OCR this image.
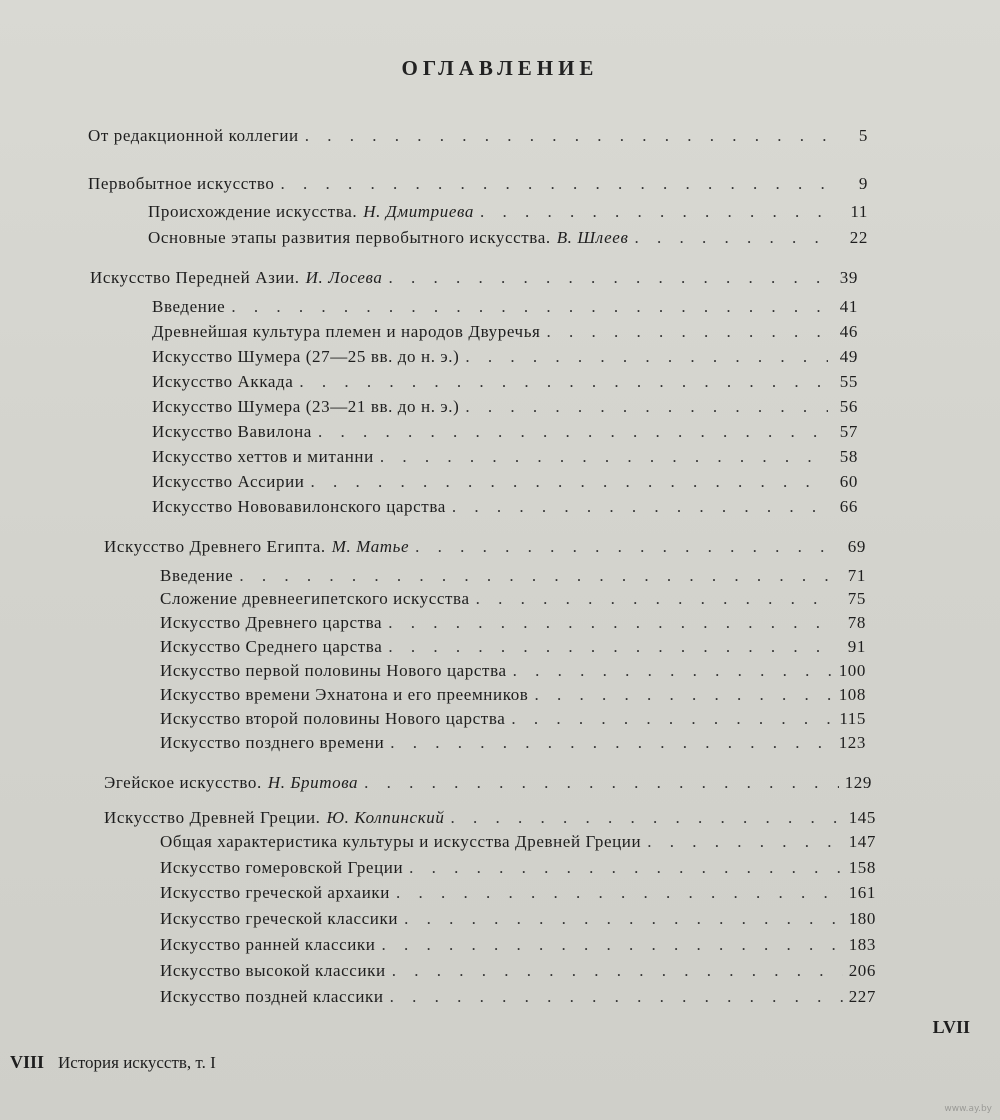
ОГЛАВЛЕНИЕ
От редакционной коллегии . . .	5
Первобытное искусство . . .	9
Происхождение искусства. Н. Дмитриева . . .	11
Основные этапы развития первобытного искусства. В. Шлеев . . .	22
Искусство Передней Азии. И. Лосева . . .	39
Введение . . .	41
Древнейшая культура племен и народов Двуречья . . .	46
Искусство Шумера (27—25 вв. до н. э.) . . .	49
Искусство Аккада . . .	55
Искусство Шумера (23—21 вв. до н. э.) . . .	56
Искусство Вавилона . . .	57
Искусство хеттов и митанни . . .	58
Искусство Ассирии . . .	60
Искусство Нововавилонского царства . . .	66
Искусство Древнего Египта. М. Матье . . .	69
Введение . . .	71
Сложение древнеегипетского искусства . . .	75
Искусство Древнего царства . . .	78
Искусство Среднего царства . . .	91
Искусство первой половины Нового царства . . .	100
Искусство времени Эхнатона и его преемников . . .	108
Искусство второй половины Нового царства . . .	115
Искусство позднего времени . . .	123
Эгейское искусство. Н. Бритова . . .	129
Искусство Древней Греции. Ю. Колпинский . . .	145
Общая характеристика культуры и искусства Древней Греции . . .	147
Искусство гомеровской Греции . . .	158
Искусство греческой архаики . . .	161
Искусство греческой классики . . .	180
Искусство ранней классики . . .	183
Искусство высокой классики . . .	206
Искусство поздней классики . . .	227
VIII История искусств, т. I
LVII
www.ay.by
